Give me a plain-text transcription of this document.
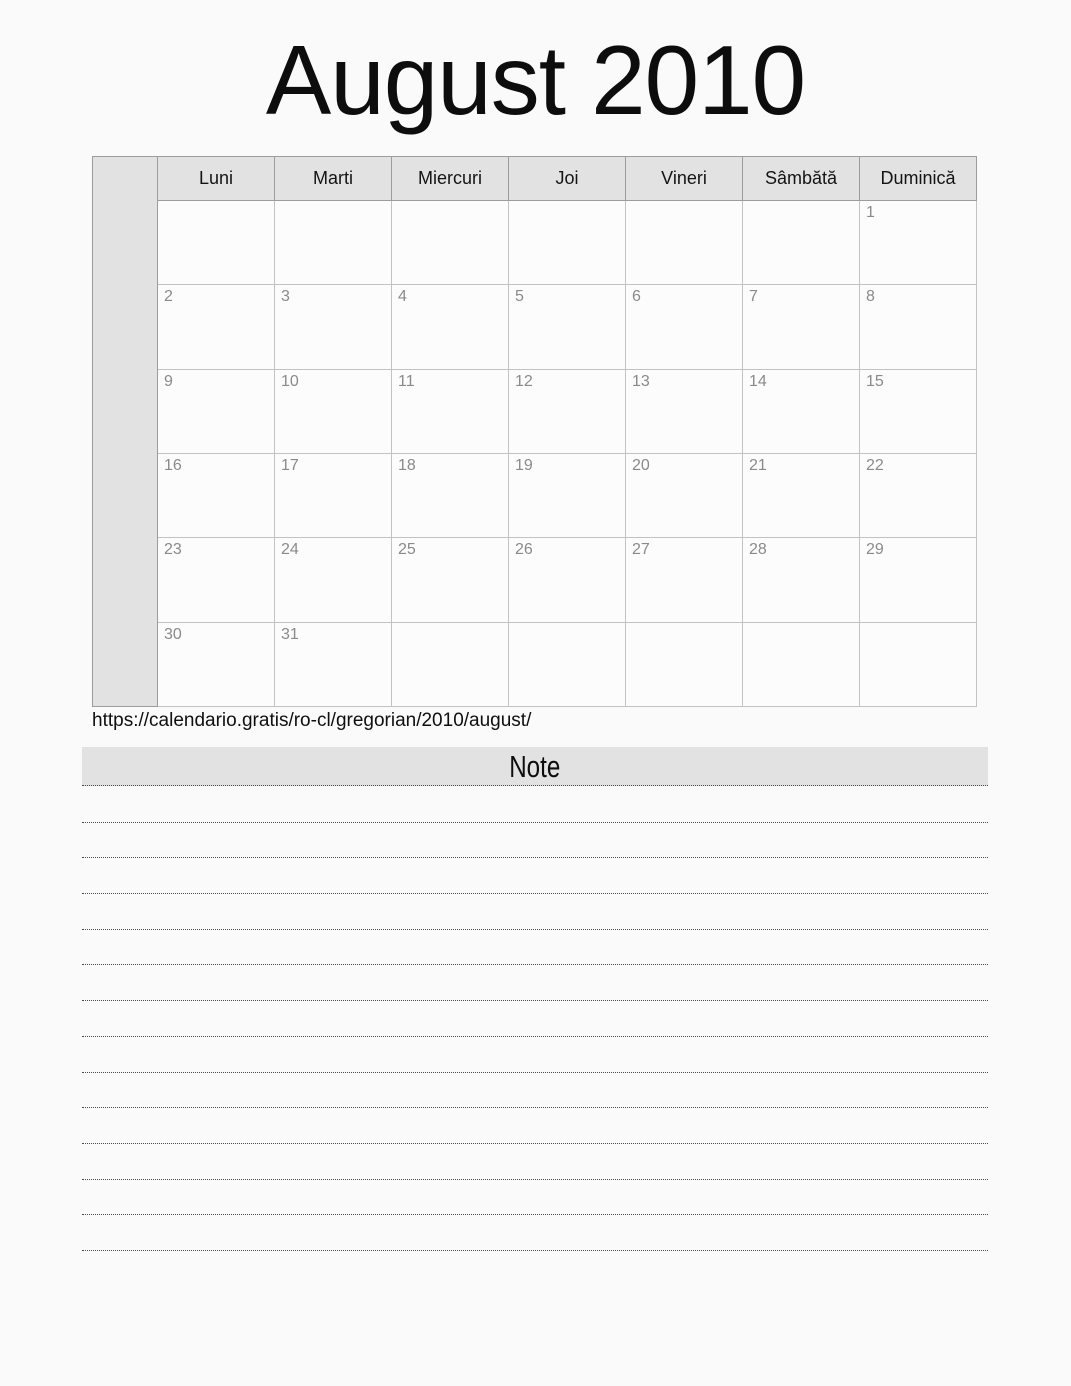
August 2010
	Luni	Marti	Miercuri	Joi	Vineri	Sâmbătă	Duminică
							1
	2	3	4	5	6	7	8
	9	10	11	12	13	14	15
	16	17	18	19	20	21	22
	23	24	25	26	27	28	29
	30	31					
https://calendario.gratis/ro-cl/gregorian/2010/august/
Note
